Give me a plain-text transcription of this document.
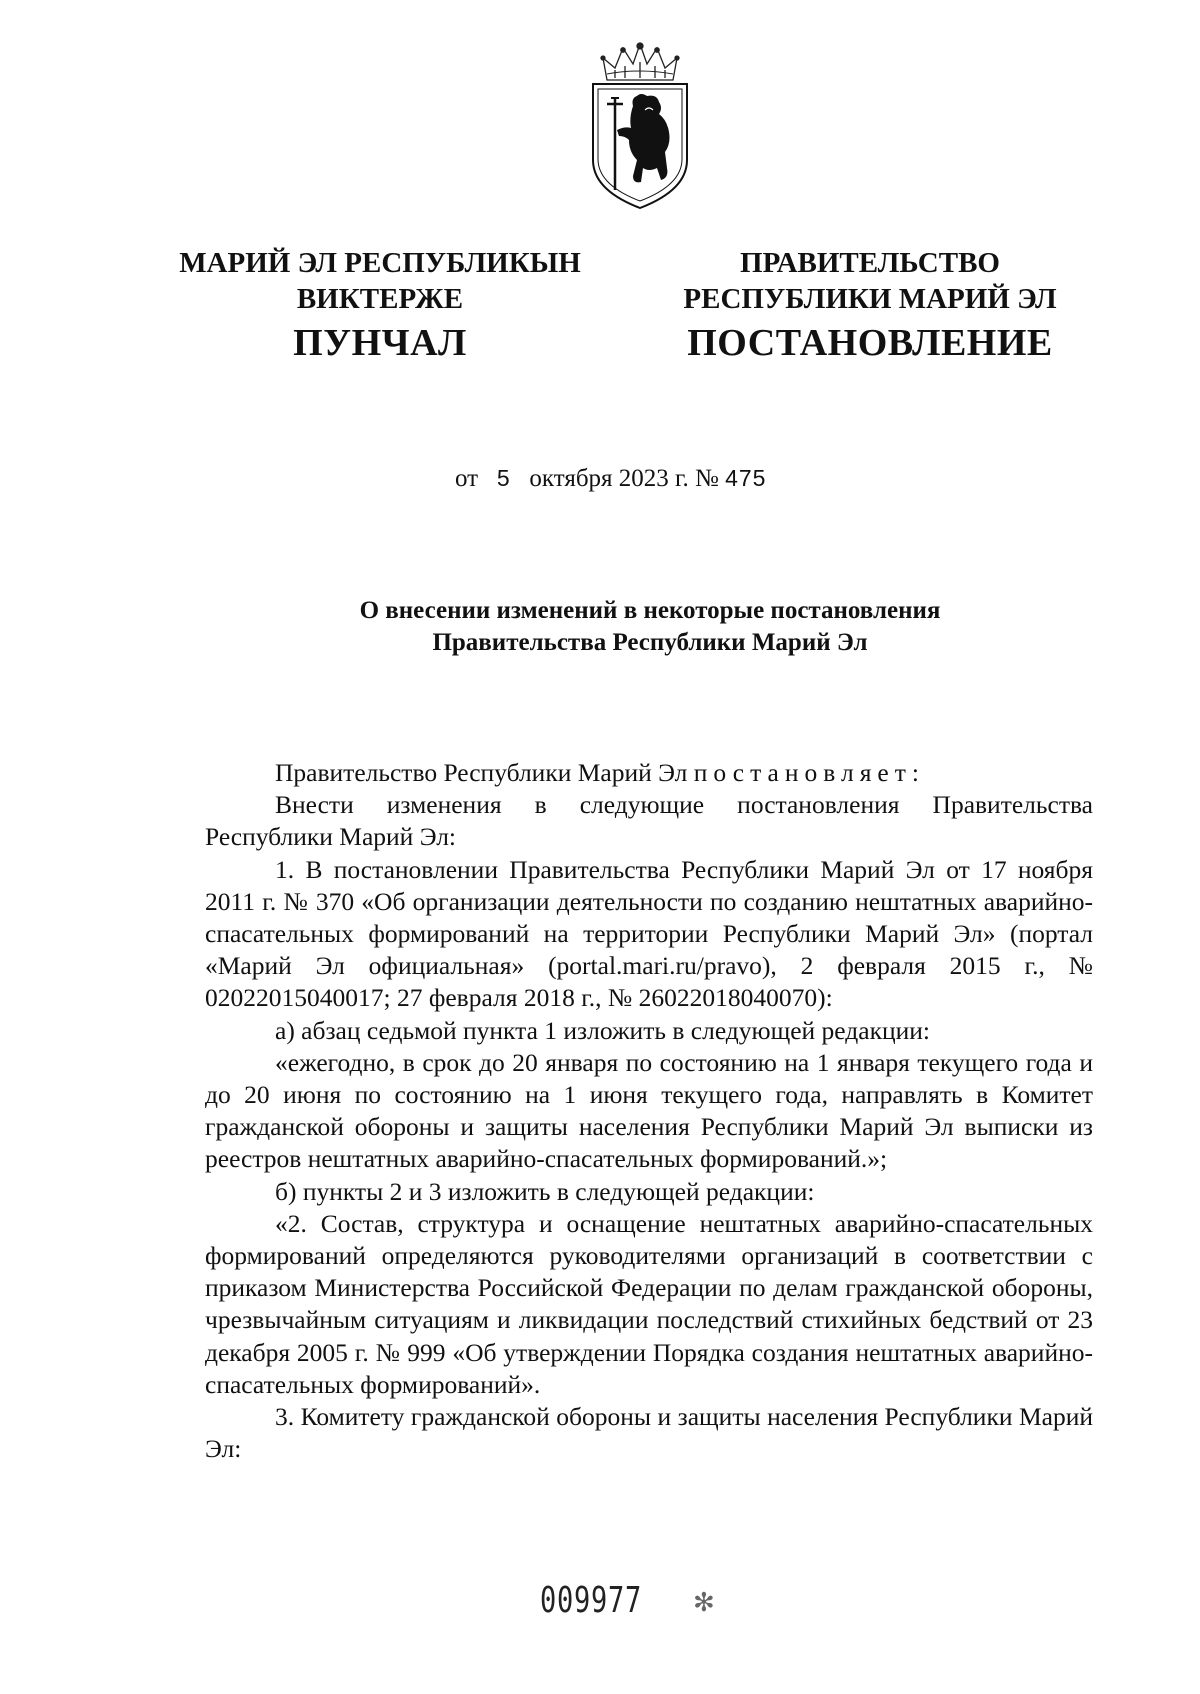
МАРИЙ ЭЛ РЕСПУБЛИКЫН
ВИКТЕРЖЕ
ПУНЧАЛ
ПРАВИТЕЛЬСТВО
РЕСПУБЛИКИ МАРИЙ ЭЛ
ПОСТАНОВЛЕНИЕ
от 5 октября 2023 г. № 475
О внесении изменений в некоторые постановления
Правительства Республики Марий Эл

Правительство Республики Марий Эл постановляет:

Внести изменения в следующие постановления Правительства Республики Марий Эл:

1. В постановлении Правительства Республики Марий Эл от 17 ноября 2011 г. № 370 «Об организации деятельности по созданию нештатных аварийно-спасательных формирований на территории Республики Марий Эл» (портал «Марий Эл официальная» (portal.mari.ru/pravo), 2 февраля 2015 г., № 02022015040017; 27 февраля 2018 г., № 26022018040070):

а) абзац седьмой пункта 1 изложить в следующей редакции:

«ежегодно, в срок до 20 января по состоянию на 1 января текущего года и до 20 июня по состоянию на 1 июня текущего года, направлять в Комитет гражданской обороны и защиты населения Республики Марий Эл выписки из реестров нештатных аварийно-спасательных формирований.»;

б) пункты 2 и 3 изложить в следующей редакции:

«2. Состав, структура и оснащение нештатных аварийно-спасательных формирований определяются руководителями организаций в соответствии с приказом Министерства Российской Федерации по делам гражданской обороны, чрезвычайным ситуациям и ликвидации последствий стихийных бедствий от 23 декабря 2005 г. № 999 «Об утверждении Порядка создания нештатных аварийно-спасательных формирований».

3. Комитету гражданской обороны и защиты населения Республики Марий Эл:

009977 ✻
